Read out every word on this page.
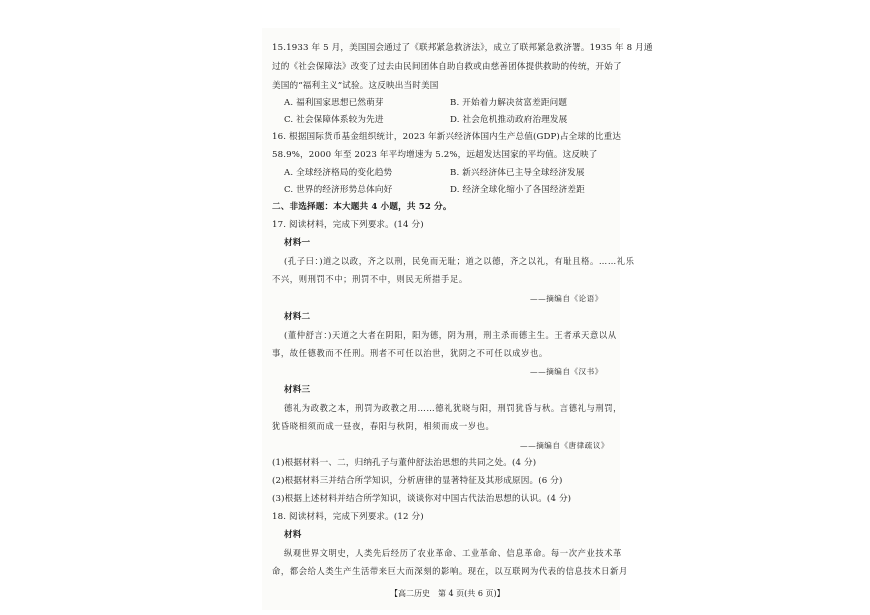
15.1933 年 5 月，美国国会通过了《联邦紧急救济法》，成立了联邦紧急救济署。1935 年 8 月通
过的《社会保障法》改变了过去由民间团体自助自救或由慈善团体提供救助的传统，开始了
美国的“福利主义”试验。这反映出当时美国
A. 福利国家思想已然萌芽	B. 开始着力解决贫富差距问题
C. 社会保障体系较为先进	D. 社会危机推动政府治理发展
16. 根据国际货币基金组织统计，2023 年新兴经济体国内生产总值(GDP)占全球的比重达
58.9%，2000 年至 2023 年平均增速为 5.2%，远超发达国家的平均值。这反映了
A. 全球经济格局的变化趋势	B. 新兴经济体已主导全球经济发展
C. 世界的经济形势总体向好	D. 经济全球化缩小了各国经济差距
二、非选择题：本大题共 4 小题，共 52 分。
17. 阅读材料，完成下列要求。(14 分)
材料一
(孔子曰：)道之以政，齐之以刑，民免而无耻；道之以德，齐之以礼，有耻且格。……礼乐
不兴，则刑罚不中；刑罚不中，则民无所措手足。
——摘编自《论语》
材料二
(董仲舒言：)天道之大者在阴阳，阳为德，阴为刑，刑主杀而德主生。王者承天意以从
事，故任德教而不任刑。刑者不可任以治世，犹阴之不可任以成岁也。
——摘编自《汉书》
材料三
德礼为政教之本，刑罚为政教之用……德礼犹晓与阳，刑罚犹昏与秋。言德礼与刑罚，
犹昏晓相须而成一昼夜，春阳与秋阴，相须而成一岁也。
——摘编自《唐律疏议》
(1)根据材料一、二，归纳孔子与董仲舒法治思想的共同之处。(4 分)
(2)根据材料三并结合所学知识，分析唐律的显著特征及其形成原因。(6 分)
(3)根据上述材料并结合所学知识，谈谈你对中国古代法治思想的认识。(4 分)
18. 阅读材料，完成下列要求。(12 分)
材料
纵观世界文明史，人类先后经历了农业革命、工业革命、信息革命。每一次产业技术革
命，都会给人类生产生活带来巨大而深刻的影响。现在，以互联网为代表的信息技术日新月
【高二历史　第 4 页(共 6 页)】
